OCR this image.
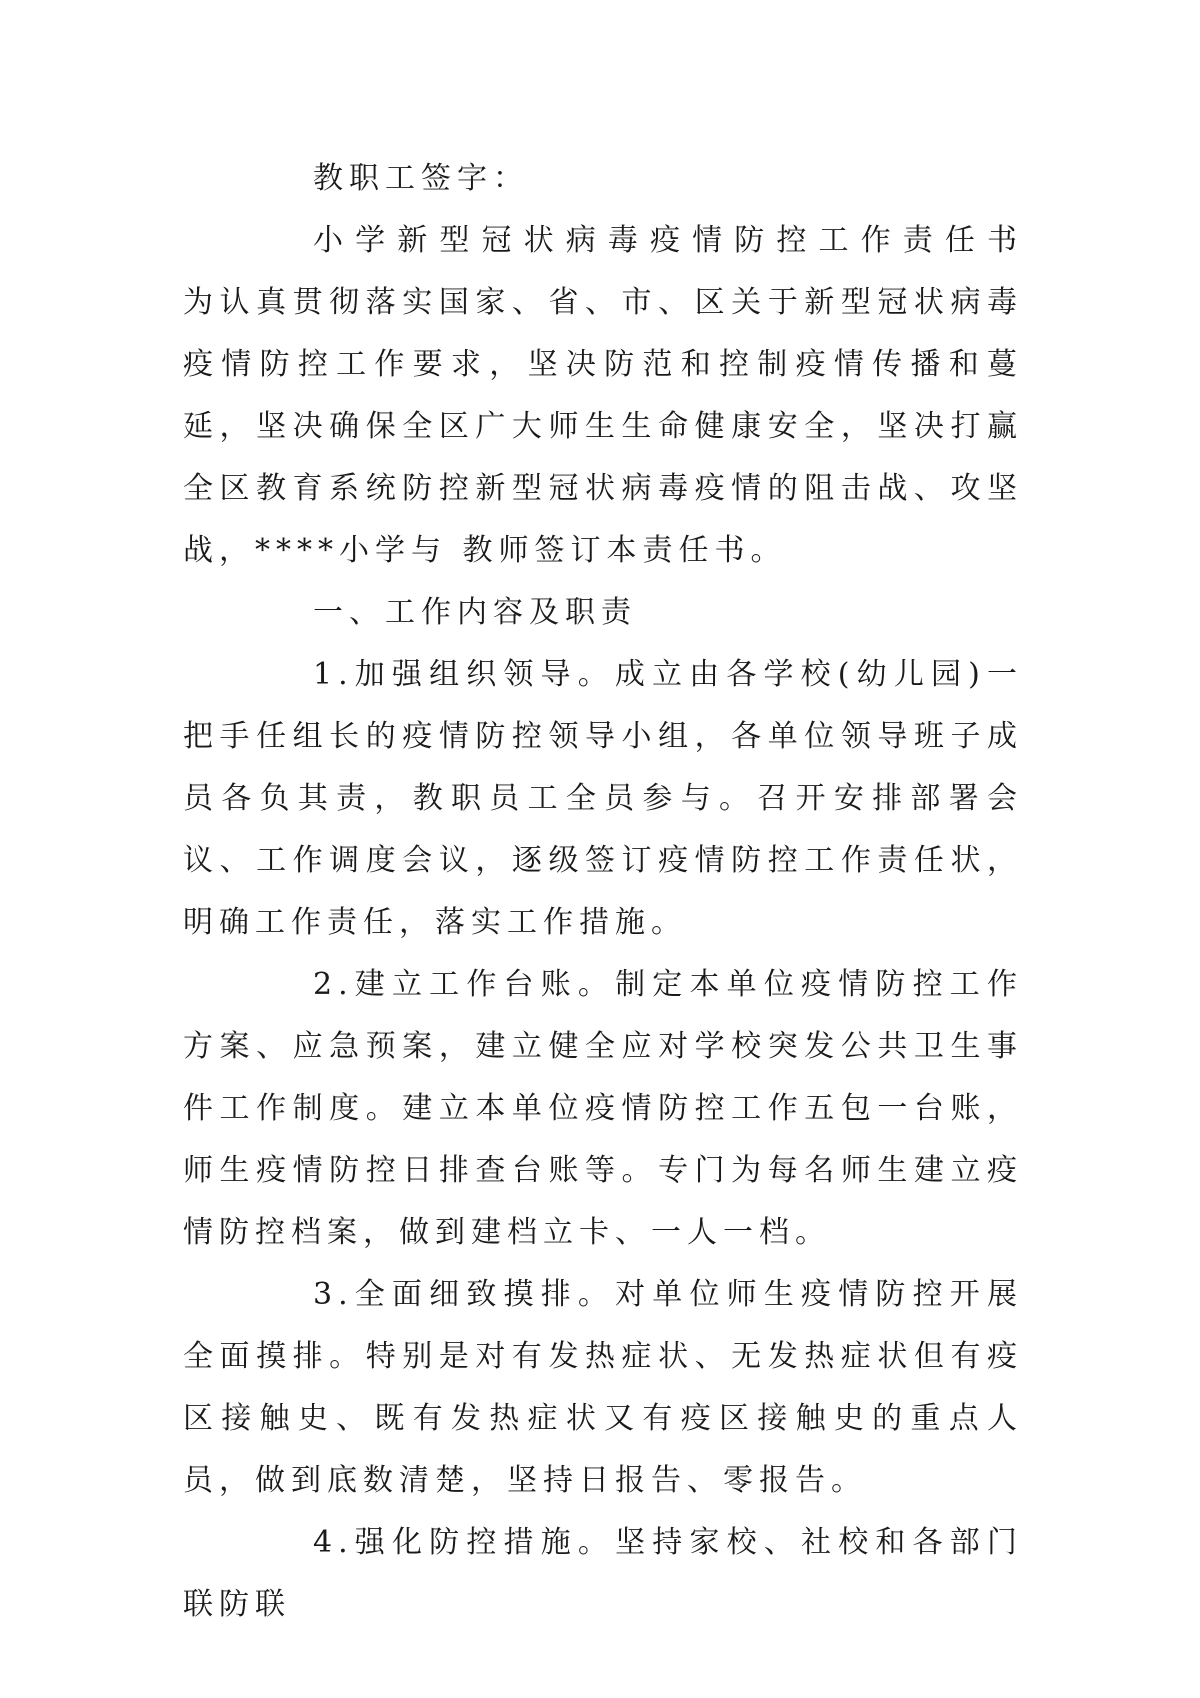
教职工签字：

小学新型冠状病毒疫情防控工作责任书　　为认真贯彻落实国家、省、市、区关于新型冠状病毒疫情防控工作要求，坚决防范和控制疫情传播和蔓延，坚决确保全区广大师生生命健康安全，坚决打赢全区教育系统防控新型冠状病毒疫情的阻击战、攻坚战，****小学与 教师签订本责任书。

一、工作内容及职责

1.加强组织领导。成立由各学校(幼儿园)一把手任组长的疫情防控领导小组，各单位领导班子成员各负其责，教职员工全员参与。召开安排部署会议、工作调度会议，逐级签订疫情防控工作责任状，明确工作责任，落实工作措施。

2.建立工作台账。制定本单位疫情防控工作方案、应急预案，建立健全应对学校突发公共卫生事件工作制度。建立本单位疫情防控工作五包一台账，师生疫情防控日排查台账等。专门为每名师生建立疫情防控档案，做到建档立卡、一人一档。

3.全面细致摸排。对单位师生疫情防控开展全面摸排。特别是对有发热症状、无发热症状但有疫区接触史、既有发热症状又有疫区接触史的重点人员，做到底数清楚，坚持日报告、零报告。

4.强化防控措施。坚持家校、社校和各部门联防联
